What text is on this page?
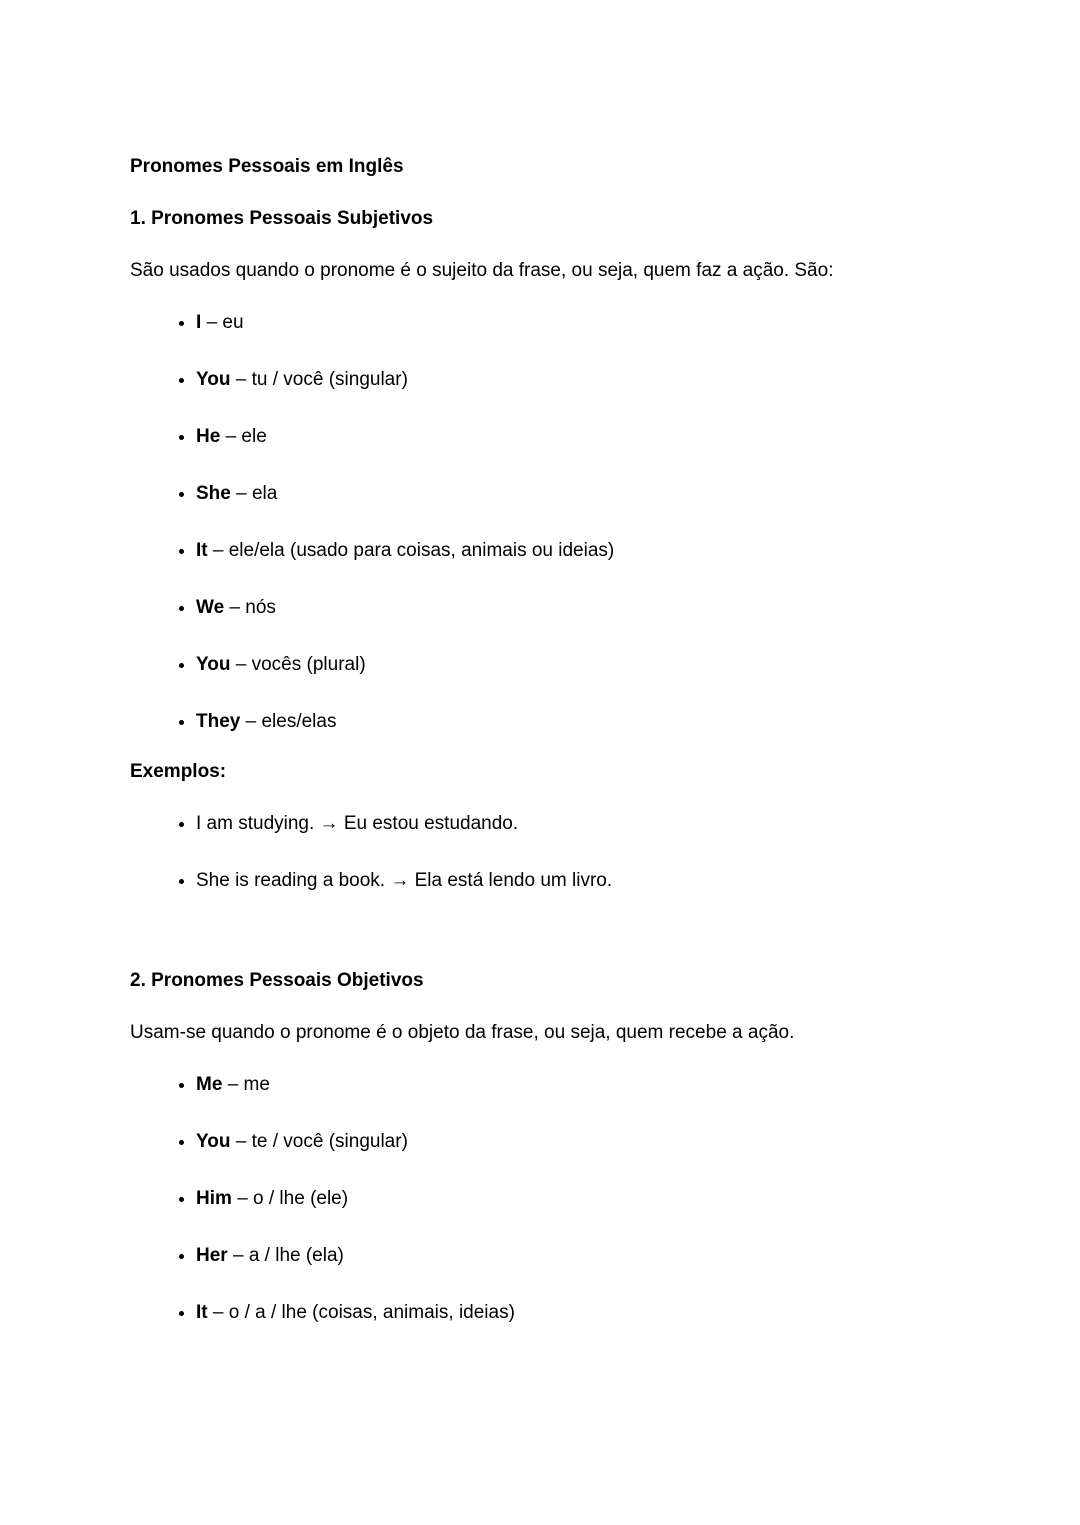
Pronomes Pessoais em Inglês
1. Pronomes Pessoais Subjetivos

São usados quando o pronome é o sujeito da frase, ou seja, quem faz a ação. São:

• I – eu
• You – tu / você (singular)
• He – ele
• She – ela
• It – ele/ela (usado para coisas, animais ou ideias)
• We – nós
• You – vocês (plural)
• They – eles/elas
Exemplos:
• I am studying. → Eu estou estudando.
• She is reading a book. → Ela está lendo um livro.
2. Pronomes Pessoais Objetivos

Usam-se quando o pronome é o objeto da frase, ou seja, quem recebe a ação.

• Me – me
• You – te / você (singular)
• Him – o / lhe (ele)
• Her – a / lhe (ela)
• It – o / a / lhe (coisas, animais, ideias)
